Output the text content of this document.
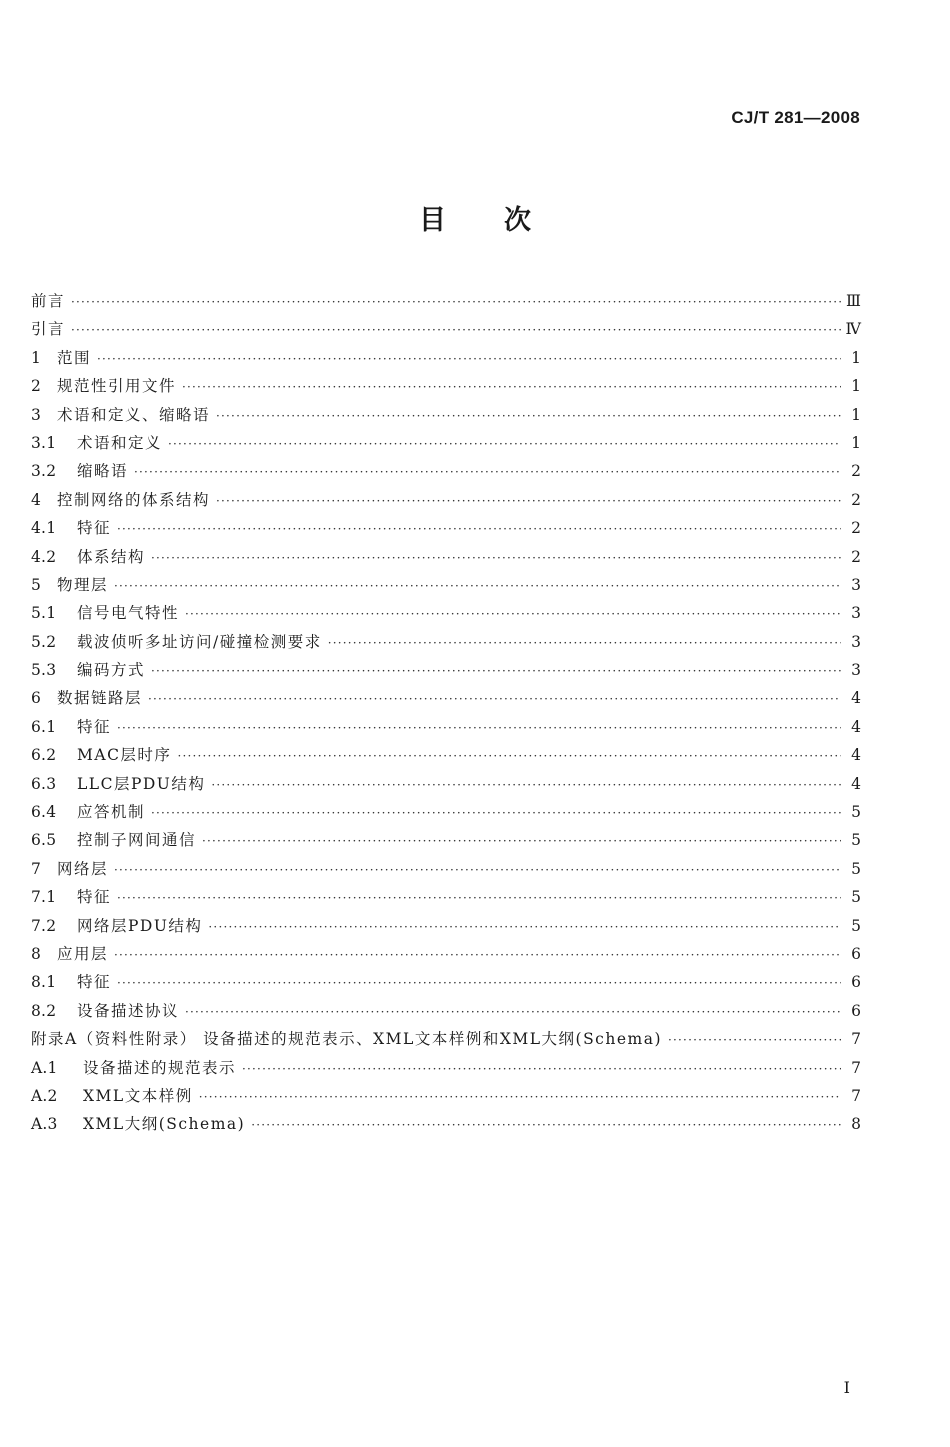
CJ/T 281—2008
目次
前言 ·····	Ⅲ
引言 ·····	Ⅳ
1	范围 ·····	1
2	规范性引用文件 ·····	1
3	术语和定义、缩略语 ·····	1
3.1	术语和定义 ·····	1
3.2	缩略语 ·····	2
4	控制网络的体系结构 ·····	2
4.1	特征 ·····	2
4.2	体系结构 ·····	2
5	物理层 ·····	3
5.1	信号电气特性 ·····	3
5.2	载波侦听多址访问/碰撞检测要求 ·····	3
5.3	编码方式 ·····	3
6	数据链路层 ·····	4
6.1	特征 ·····	4
6.2	MAC层时序 ·····	4
6.3	LLC层PDU结构 ·····	4
6.4	应答机制 ·····	5
6.5	控制子网间通信 ·····	5
7	网络层 ·····	5
7.1	特征 ·····	5
7.2	网络层PDU结构 ·····	5
8	应用层 ·····	6
8.1	特征 ·····	6
8.2	设备描述协议 ·····	6
附录A（资料性附录） 设备描述的规范表示、XML文本样例和XML大纲(Schema) ·····	7
A.1	设备描述的规范表示 ·····	7
A.2	XML文本样例 ·····	7
A.3	XML大纲(Schema) ·····	8
I
